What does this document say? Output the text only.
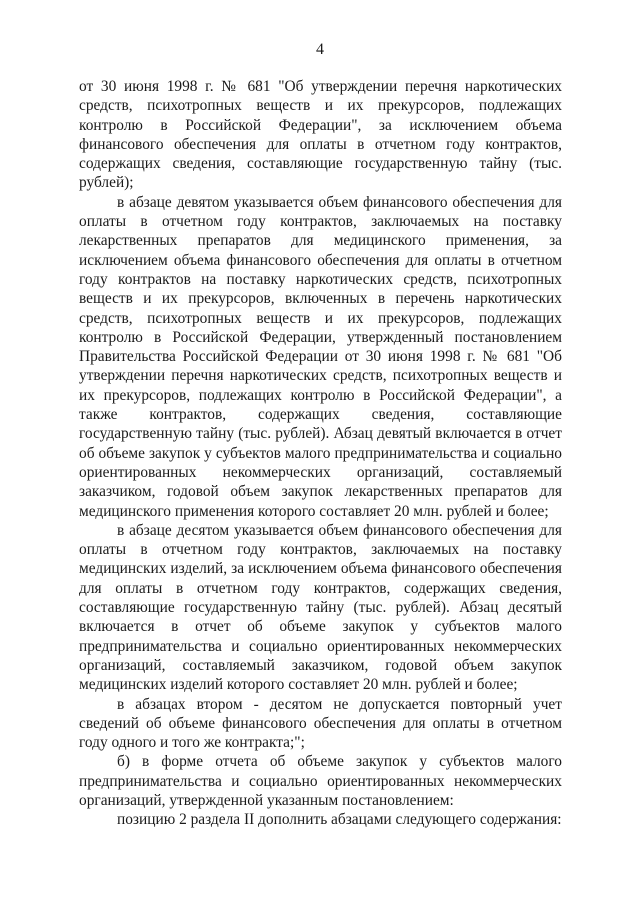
4

от 30 июня 1998 г. № 681 "Об утверждении перечня наркотических средств, психотропных веществ и их прекурсоров, подлежащих контролю в Российской Федерации", за исключением объема финансового обеспечения для оплаты в отчетном году контрактов, содержащих сведения, составляющие государственную тайну (тыс. рублей);

в абзаце девятом указывается объем финансового обеспечения для оплаты в отчетном году контрактов, заключаемых на поставку лекарственных препаратов для медицинского применения, за исключением объема финансового обеспечения для оплаты в отчетном году контрактов на поставку наркотических средств, психотропных веществ и их прекурсоров, включенных в перечень наркотических средств, психотропных веществ и их прекурсоров, подлежащих контролю в Российской Федерации, утвержденный постановлением Правительства Российской Федерации от 30 июня 1998 г. № 681 "Об утверждении перечня наркотических средств, психотропных веществ и их прекурсоров, подлежащих контролю в Российской Федерации", а также контрактов, содержащих сведения, составляющие государственную тайну (тыс. рублей). Абзац девятый включается в отчет об объеме закупок у субъектов малого предпринимательства и социально ориентированных некоммерческих организаций, составляемый заказчиком, годовой объем закупок лекарственных препаратов для медицинского применения которого составляет 20 млн. рублей и более;

в абзаце десятом указывается объем финансового обеспечения для оплаты в отчетном году контрактов, заключаемых на поставку медицинских изделий, за исключением объема финансового обеспечения для оплаты в отчетном году контрактов, содержащих сведения, составляющие государственную тайну (тыс. рублей). Абзац десятый включается в отчет об объеме закупок у субъектов малого предпринимательства и социально ориентированных некоммерческих организаций, составляемый заказчиком, годовой объем закупок медицинских изделий которого составляет 20 млн. рублей и более;

в абзацах втором - десятом не допускается повторный учет сведений об объеме финансового обеспечения для оплаты в отчетном году одного и того же контракта;";

б) в форме отчета об объеме закупок у субъектов малого предпринимательства и социально ориентированных некоммерческих организаций, утвержденной указанным постановлением:

позицию 2 раздела II дополнить абзацами следующего содержания:
